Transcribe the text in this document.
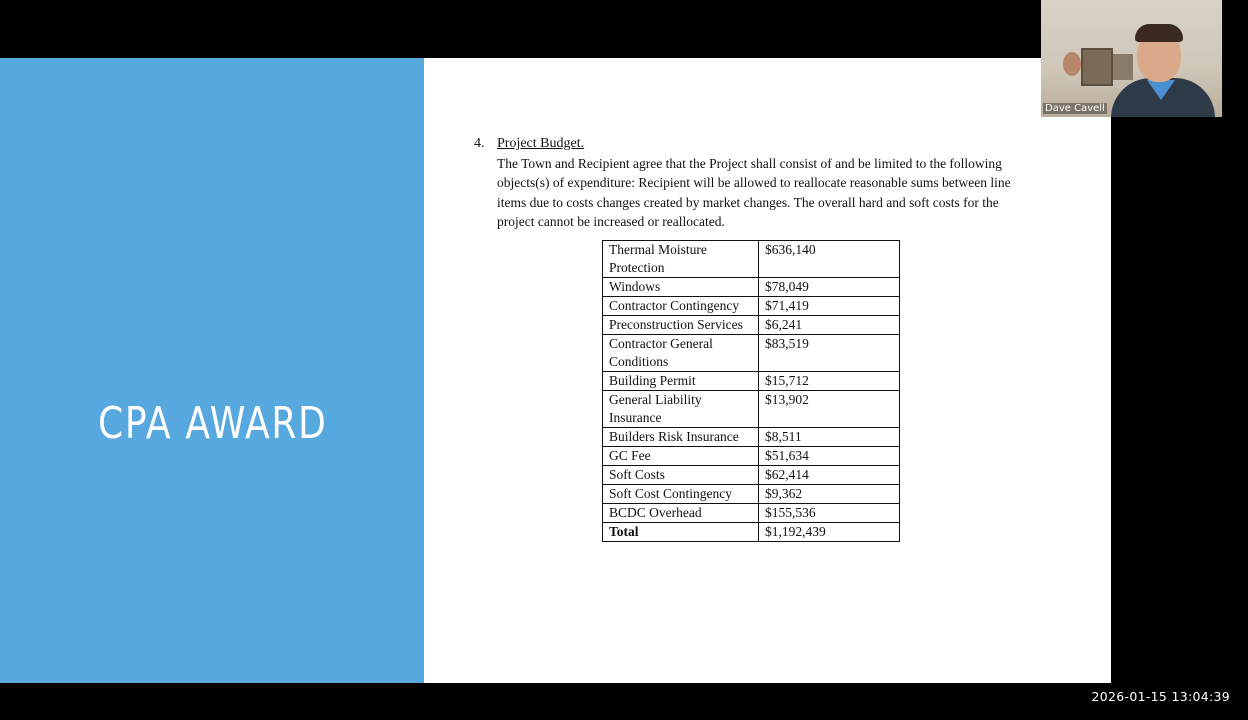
CPA AWARD
4. Project Budget.
The Town and Recipient agree that the Project shall consist of and be limited to the following objects(s) of expenditure: Recipient will be allowed to reallocate reasonable sums between line items due to costs changes created by market changes. The overall hard and soft costs for the project cannot be increased or reallocated.
Thermal Moisture Protection	$636,140
Windows	$78,049
Contractor Contingency	$71,419
Preconstruction Services	$6,241
Contractor General Conditions	$83,519
Building Permit	$15,712
General Liability Insurance	$13,902
Builders Risk Insurance	$8,511
GC Fee	$51,634
Soft Costs	$62,414
Soft Cost Contingency	$9,362
BCDC Overhead	$155,536
Total	$1,192,439
Dave Cavell
2026-01-15 13:04:39
